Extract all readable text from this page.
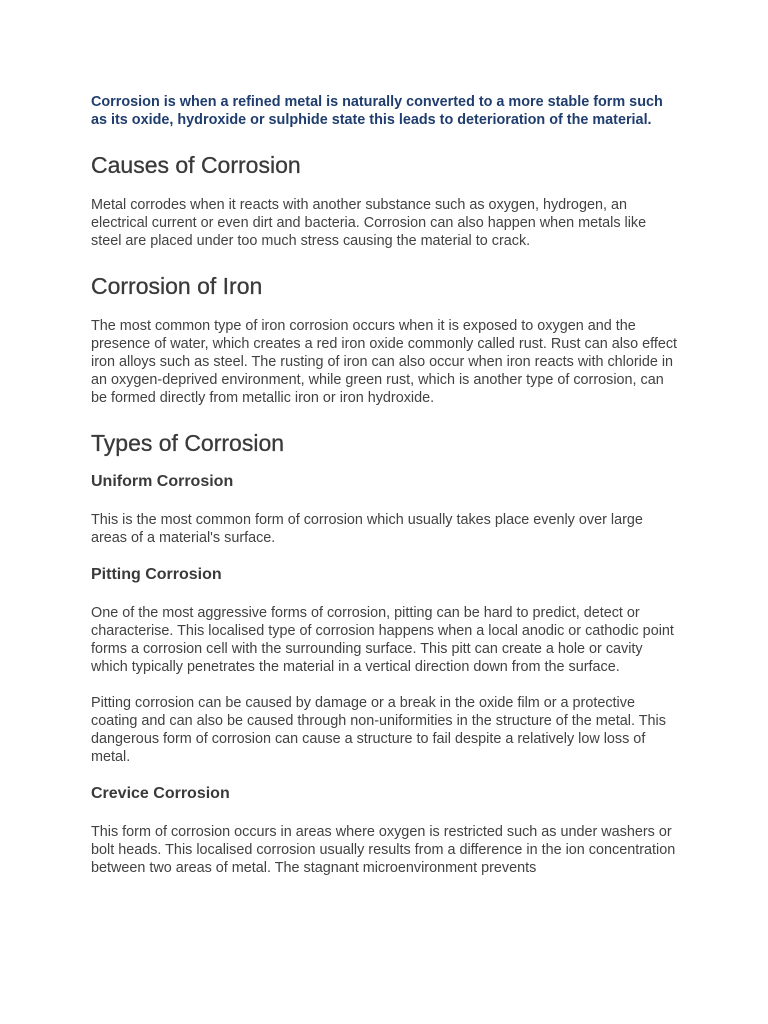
Corrosion is when a refined metal is naturally converted to a more stable form such as its oxide, hydroxide or sulphide state this leads to deterioration of the material.

Causes of Corrosion

Metal corrodes when it reacts with another substance such as oxygen, hydrogen, an electrical current or even dirt and bacteria. Corrosion can also happen when metals like steel are placed under too much stress causing the material to crack.

Corrosion of Iron

The most common type of iron corrosion occurs when it is exposed to oxygen and the presence of water, which creates a red iron oxide commonly called rust. Rust can also effect iron alloys such as steel. The rusting of iron can also occur when iron reacts with chloride in an oxygen-deprived environment, while green rust, which is another type of corrosion, can be formed directly from metallic iron or iron hydroxide.

Types of Corrosion
Uniform Corrosion

This is the most common form of corrosion which usually takes place evenly over large areas of a material's surface.

Pitting Corrosion

One of the most aggressive forms of corrosion, pitting can be hard to predict, detect or characterise. This localised type of corrosion happens when a local anodic or cathodic point forms a corrosion cell with the surrounding surface. This pitt can create a hole or cavity which typically penetrates the material in a vertical direction down from the surface.

Pitting corrosion can be caused by damage or a break in the oxide film or a protective coating and can also be caused through non-uniformities in the structure of the metal. This dangerous form of corrosion can cause a structure to fail despite a relatively low loss of metal.

Crevice Corrosion

This form of corrosion occurs in areas where oxygen is restricted such as under washers or bolt heads. This localised corrosion usually results from a difference in the ion concentration between two areas of metal. The stagnant microenvironment prevents
